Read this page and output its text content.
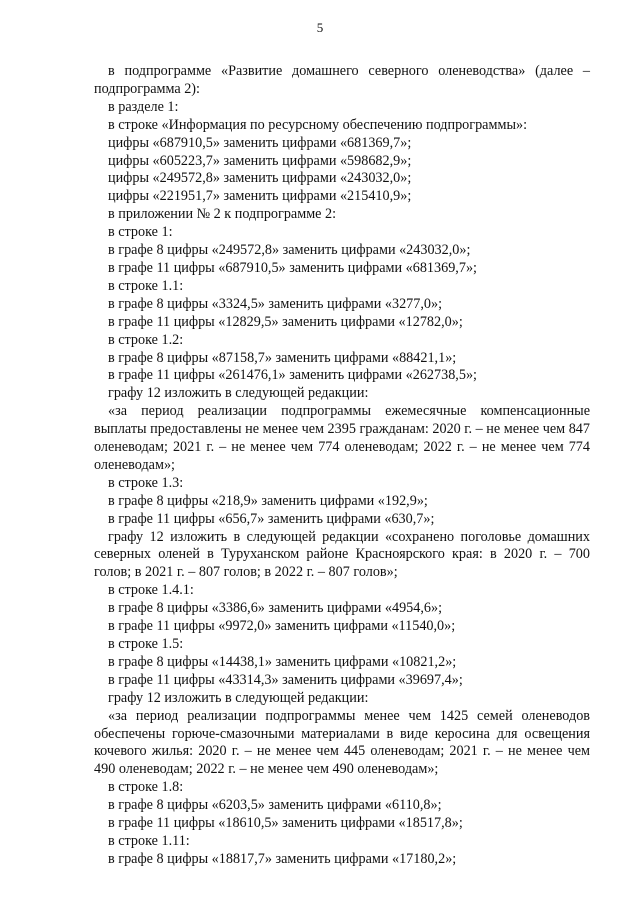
5

в подпрограмме «Развитие домашнего северного оленеводства» (далее – подпрограмма 2):

в разделе 1:

в строке «Информация по ресурсному обеспечению подпрограммы»:

цифры «687910,5» заменить цифрами «681369,7»;

цифры «605223,7» заменить цифрами «598682,9»;

цифры «249572,8» заменить цифрами «243032,0»;

цифры «221951,7» заменить цифрами «215410,9»;

в приложении № 2 к подпрограмме 2:

в строке 1:

в графе 8 цифры «249572,8» заменить цифрами «243032,0»;

в графе 11 цифры «687910,5» заменить цифрами «681369,7»;

в строке 1.1:

в графе 8 цифры «3324,5» заменить цифрами «3277,0»;

в графе 11 цифры «12829,5» заменить цифрами «12782,0»;

в строке 1.2:

в графе 8 цифры «87158,7» заменить цифрами «88421,1»;

в графе 11 цифры «261476,1» заменить цифрами «262738,5»;

графу 12 изложить в следующей редакции:

«за период реализации подпрограммы ежемесячные компенсационные выплаты предоставлены не менее чем 2395 гражданам: 2020 г. – не менее чем 847 оленеводам; 2021 г. – не менее чем 774 оленеводам; 2022 г. – не менее чем 774 оленеводам»;

в строке 1.3:

в графе 8 цифры «218,9» заменить цифрами «192,9»;

в графе 11 цифры «656,7» заменить цифрами «630,7»;

графу 12 изложить в следующей редакции «сохранено поголовье домашних северных оленей в Туруханском районе Красноярского края: в 2020 г. – 700 голов; в 2021 г. – 807 голов; в 2022 г. – 807 голов»;

в строке 1.4.1:

в графе 8 цифры «3386,6» заменить цифрами «4954,6»;

в графе 11 цифры «9972,0» заменить цифрами «11540,0»;

в строке 1.5:

в графе 8 цифры «14438,1» заменить цифрами «10821,2»;

в графе 11 цифры «43314,3» заменить цифрами «39697,4»;

графу 12 изложить в следующей редакции:

«за период реализации подпрограммы менее чем 1425 семей оленеводов обеспечены горюче-смазочными материалами в виде керосина для освещения кочевого жилья: 2020 г. – не менее чем 445 оленеводам; 2021 г. – не менее чем 490 оленеводам; 2022 г. – не менее чем 490 оленеводам»;

в строке 1.8:

в графе 8 цифры «6203,5» заменить цифрами «6110,8»;

в графе 11 цифры «18610,5» заменить цифрами «18517,8»;

в строке 1.11:

в графе 8 цифры «18817,7» заменить цифрами «17180,2»;
